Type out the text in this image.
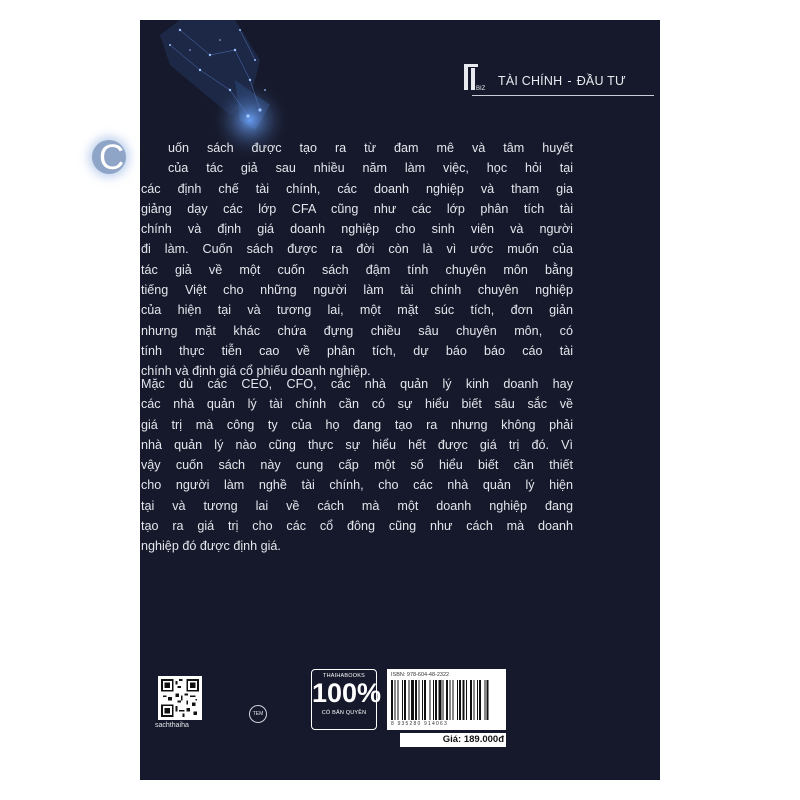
BIZ
TÀI CHÍNH - ĐẦU TƯ
C	uốn sách được tạo ra từ đam mê và tâm huyết
của tác giả sau nhiều năm làm việc, học hỏi tại
các định chế tài chính, các doanh nghiệp và tham gia
giảng dạy các lớp CFA cũng như các lớp phân tích tài
chính và định giá doanh nghiệp cho sinh viên và người
đi làm. Cuốn sách được ra đời còn là vì ước muốn của
tác giả về một cuốn sách đậm tính chuyên môn bằng
tiếng Việt cho những người làm tài chính chuyên nghiệp
của hiện tại và tương lai, một mặt súc tích, đơn giản
nhưng mặt khác chứa đựng chiều sâu chuyên môn, có
tính thực tiễn cao về phân tích, dự báo báo cáo tài
chính và định giá cổ phiếu doanh nghiệp.
Mặc dù các CEO, CFO, các nhà quản lý kinh doanh hay
các nhà quản lý tài chính cần có sự hiểu biết sâu sắc về
giá trị mà công ty của họ đang tạo ra nhưng không phải
nhà quản lý nào cũng thực sự hiểu hết được giá trị đó. Vì
vậy cuốn sách này cung cấp một số hiểu biết cần thiết
cho người làm nghề tài chính, cho các nhà quản lý hiện
tại và tương lai về cách mà một doanh nghiệp đang
tạo ra giá trị cho các cổ đông cũng như cách mà doanh
nghiệp đó được định giá.
sachthaiha
TEM
THAIHABOOKS
100%
CÓ BẢN QUYỀN
ISBN: 978-604-48-2322
8 935280 914063
Giá: 189.000đ
